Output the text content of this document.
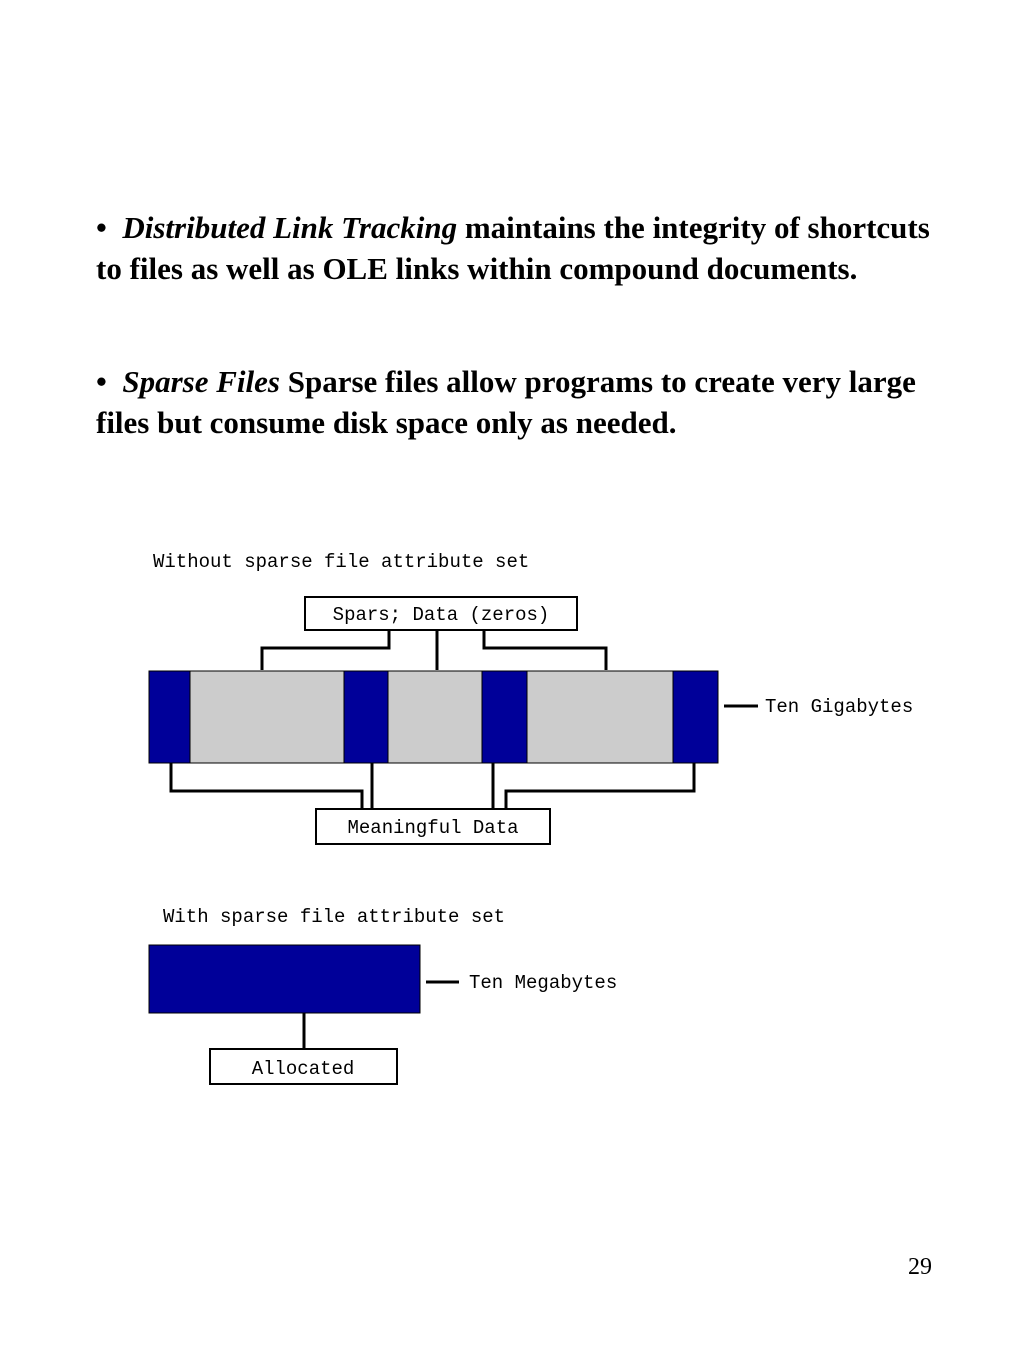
• Distributed Link Tracking maintains the integrity of shortcuts to files as well as OLE links within compound documents.

• Sparse Files Sparse files allow programs to create very large files but consume disk space only as needed.

Without sparse file attribute set
Spars; Data (zeros)
Ten Gigabytes
Meaningful Data
With sparse file attribute set
Ten Megabytes
Allocated
29
